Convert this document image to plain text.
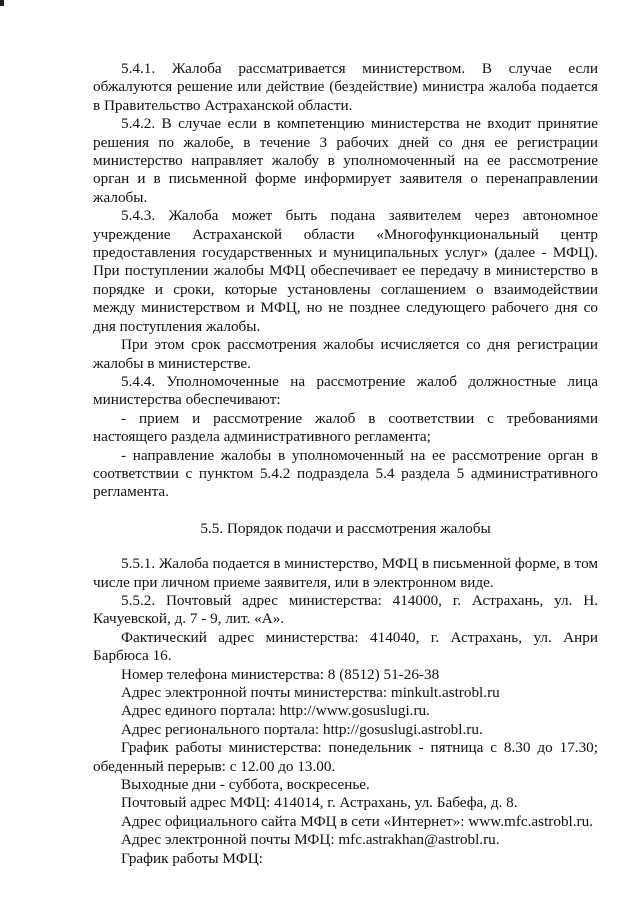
5.4.1. Жалоба рассматривается министерством. В случае если обжалуются решение или действие (бездействие) министра жалоба подается в Правительство Астраханской области.

5.4.2. В случае если в компетенцию министерства не входит принятие решения по жалобе, в течение 3 рабочих дней со дня ее регистрации министерство направляет жалобу в уполномоченный на ее рассмотрение орган и в письменной форме информирует заявителя о перенаправлении жалобы.

5.4.3. Жалоба может быть подана заявителем через автономное учреждение Астраханской области «Многофункциональный центр предоставления государственных и муниципальных услуг» (далее - МФЦ). При поступлении жалобы МФЦ обеспечивает ее передачу в министерство в порядке и сроки, которые установлены соглашением о взаимодействии между министерством и МФЦ, но не позднее следующего рабочего дня со дня поступления жалобы.

При этом срок рассмотрения жалобы исчисляется со дня регистрации жалобы в министерстве.

5.4.4. Уполномоченные на рассмотрение жалоб должностные лица министерства обеспечивают:

- прием и рассмотрение жалоб в соответствии с требованиями настоящего раздела административного регламента;

- направление жалобы в уполномоченный на ее рассмотрение орган в соответствии с пунктом 5.4.2 подраздела 5.4 раздела 5 административного регламента.

5.5. Порядок подачи и рассмотрения жалобы

5.5.1. Жалоба подается в министерство, МФЦ в письменной форме, в том числе при личном приеме заявителя, или в электронном виде.

5.5.2. Почтовый адрес министерства: 414000, г. Астрахань, ул. Н. Качуевской, д. 7 - 9, лит. «А».

Фактический адрес министерства: 414040, г. Астрахань, ул. Анри Барбюса 16.

Номер телефона министерства: 8 (8512) 51-26-38

Адрес электронной почты министерства: minkult.astrobl.ru

Адрес единого портала: http://www.gosuslugi.ru.

Адрес регионального портала: http://gosuslugi.astrobl.ru.

График работы министерства: понедельник - пятница с 8.30 до 17.30; обеденный перерыв: с 12.00 до 13.00.

Выходные дни - суббота, воскресенье.

Почтовый адрес МФЦ: 414014, г. Астрахань, ул. Бабефа, д. 8.

Адрес официального сайта МФЦ в сети «Интернет»: www.mfc.astrobl.ru.

Адрес электронной почты МФЦ: mfc.astrakhan@astrobl.ru.

График работы МФЦ:
